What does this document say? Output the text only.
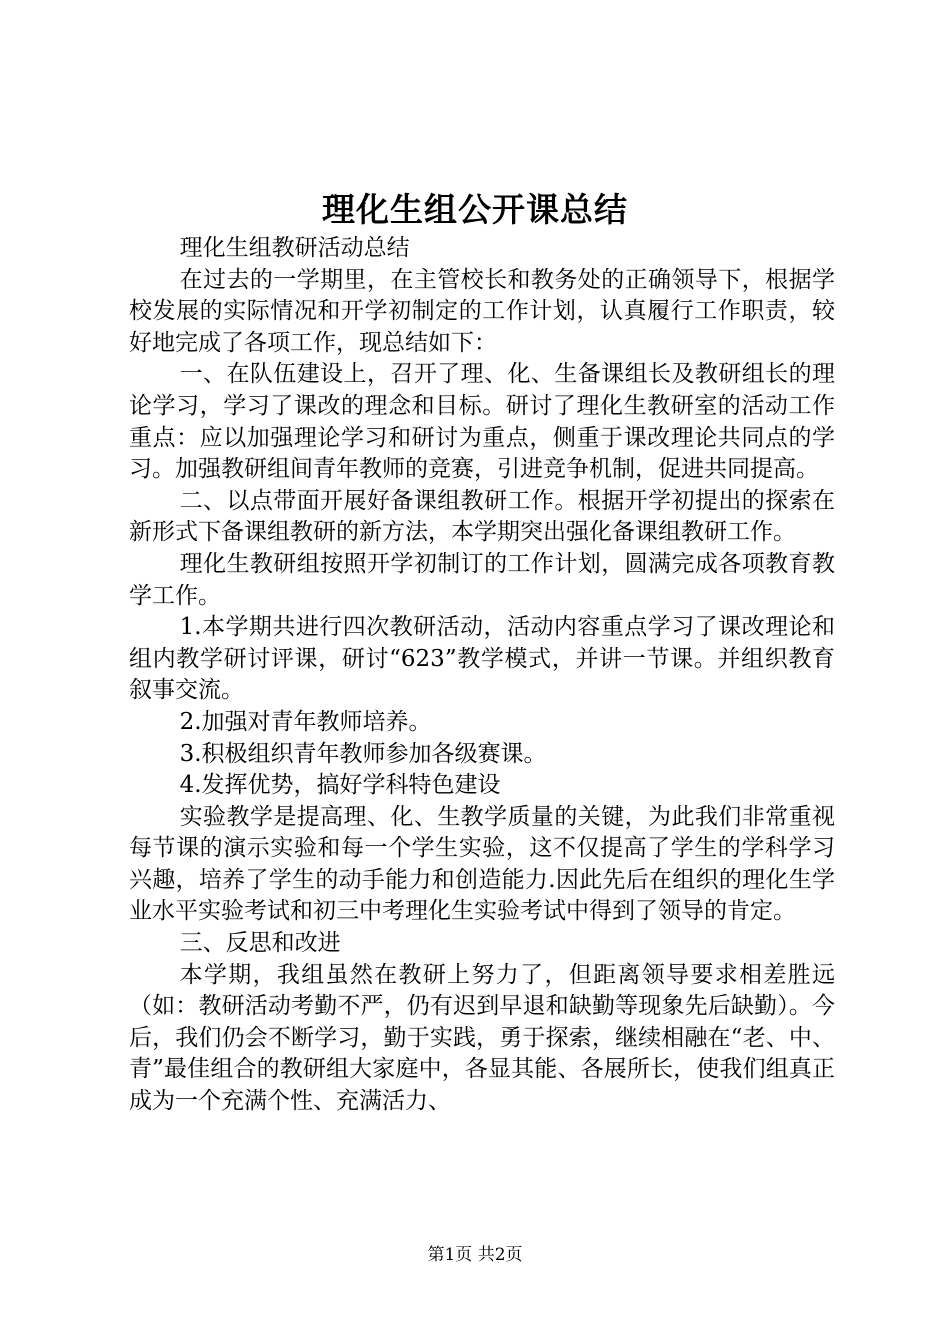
理化生组公开课总结

理化生组教研活动总结

在过去的一学期里，在主管校长和教务处的正确领导下，根据学校发展的实际情况和开学初制定的工作计划，认真履行工作职责，较好地完成了各项工作，现总结如下：

一、在队伍建设上，召开了理、化、生备课组长及教研组长的理论学习，学习了课改的理念和目标。研讨了理化生教研室的活动工作重点：应以加强理论学习和研讨为重点，侧重于课改理论共同点的学习。加强教研组间青年教师的竞赛，引进竞争机制，促进共同提高。

二、以点带面开展好备课组教研工作。根据开学初提出的探索在新形式下备课组教研的新方法，本学期突出强化备课组教研工作。

理化生教研组按照开学初制订的工作计划，圆满完成各项教育教学工作。

1.本学期共进行四次教研活动，活动内容重点学习了课改理论和组内教学研讨评课，研讨“623”教学模式，并讲一节课。并组织教育叙事交流。

2.加强对青年教师培养。

3.积极组织青年教师参加各级赛课。

4.发挥优势，搞好学科特色建设

实验教学是提高理、化、生教学质量的关键，为此我们非常重视每节课的演示实验和每一个学生实验，这不仅提高了学生的学科学习兴趣，培养了学生的动手能力和创造能力.因此先后在组织的理化生学业水平实验考试和初三中考理化生实验考试中得到了领导的肯定。

三、反思和改进

本学期，我组虽然在教研上努力了，但距离领导要求相差胜远（如：教研活动考勤不严，仍有迟到早退和缺勤等现象先后缺勤）。今后，我们仍会不断学习，勤于实践，勇于探索，继续相融在“老、中、青”最佳组合的教研组大家庭中，各显其能、各展所长，使我们组真正成为一个充满个性、充满活力、

第1页 共2页
